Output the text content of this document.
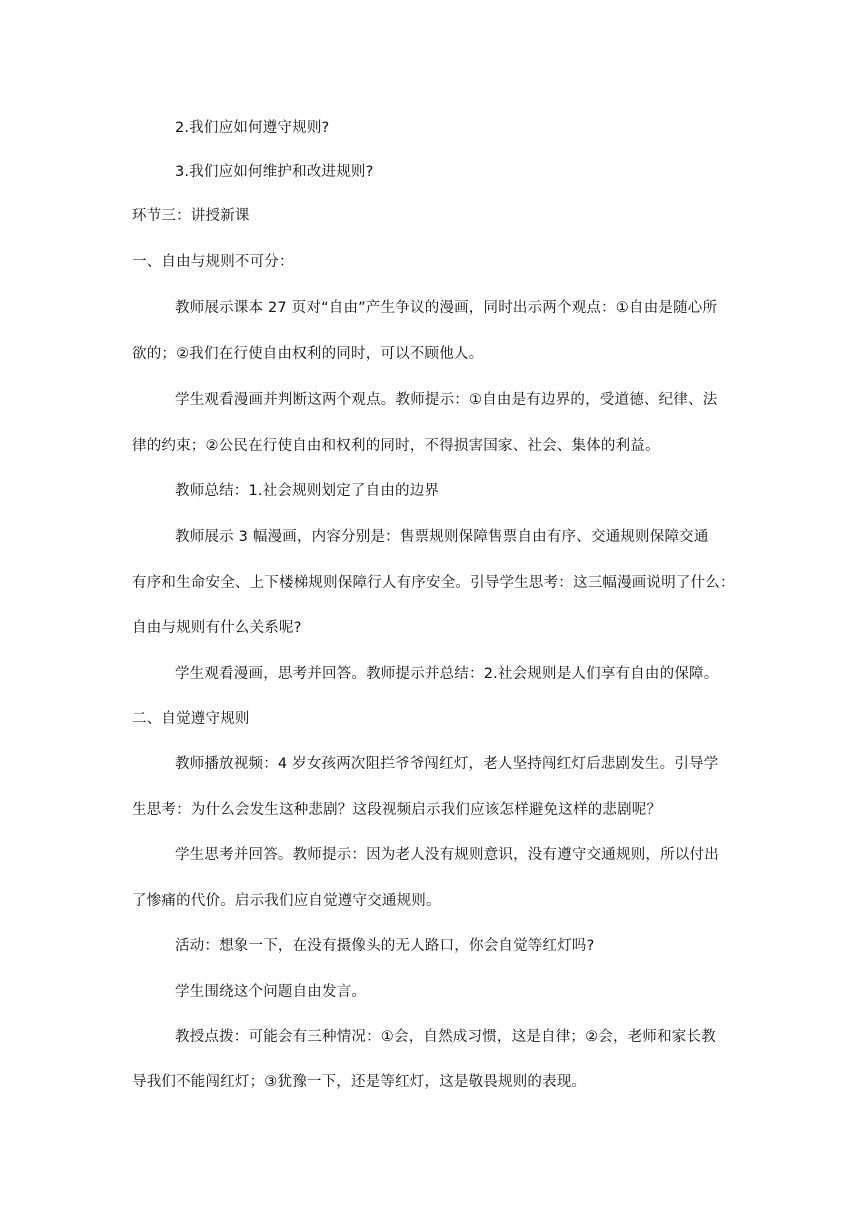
2.我们应如何遵守规则?

3.我们应如何维护和改进规则?

环节三：讲授新课

一、自由与规则不可分：

教师展示课本 27 页对“自由”产生争议的漫画，同时出示两个观点：①自由是随心所

欲的；②我们在行使自由权利的同时，可以不顾他人。

学生观看漫画并判断这两个观点。教师提示：①自由是有边界的，受道德、纪律、法

律的约束；②公民在行使自由和权利的同时，不得损害国家、社会、集体的利益。

教师总结：1.社会规则划定了自由的边界

教师展示 3 幅漫画，内容分别是：售票规则保障售票自由有序、交通规则保障交通

有序和生命安全、上下楼梯规则保障行人有序安全。引导学生思考：这三幅漫画说明了什么：

自由与规则有什么关系呢?

学生观看漫画，思考并回答。教师提示并总结：2.社会规则是人们享有自由的保障。

二、自觉遵守规则

教师播放视频：4 岁女孩两次阻拦爷爷闯红灯，老人坚持闯红灯后悲剧发生。引导学

生思考：为什么会发生这种悲剧？这段视频启示我们应该怎样避免这样的悲剧呢？

学生思考并回答。教师提示：因为老人没有规则意识，没有遵守交通规则，所以付出

了惨痛的代价。启示我们应自觉遵守交通规则。

活动：想象一下，在没有摄像头的无人路口，你会自觉等红灯吗?

学生围绕这个问题自由发言。

教授点拨：可能会有三种情况：①会，自然成习惯，这是自律；②会，老师和家长教

导我们不能闯红灯；③犹豫一下，还是等红灯，这是敬畏规则的表现。
